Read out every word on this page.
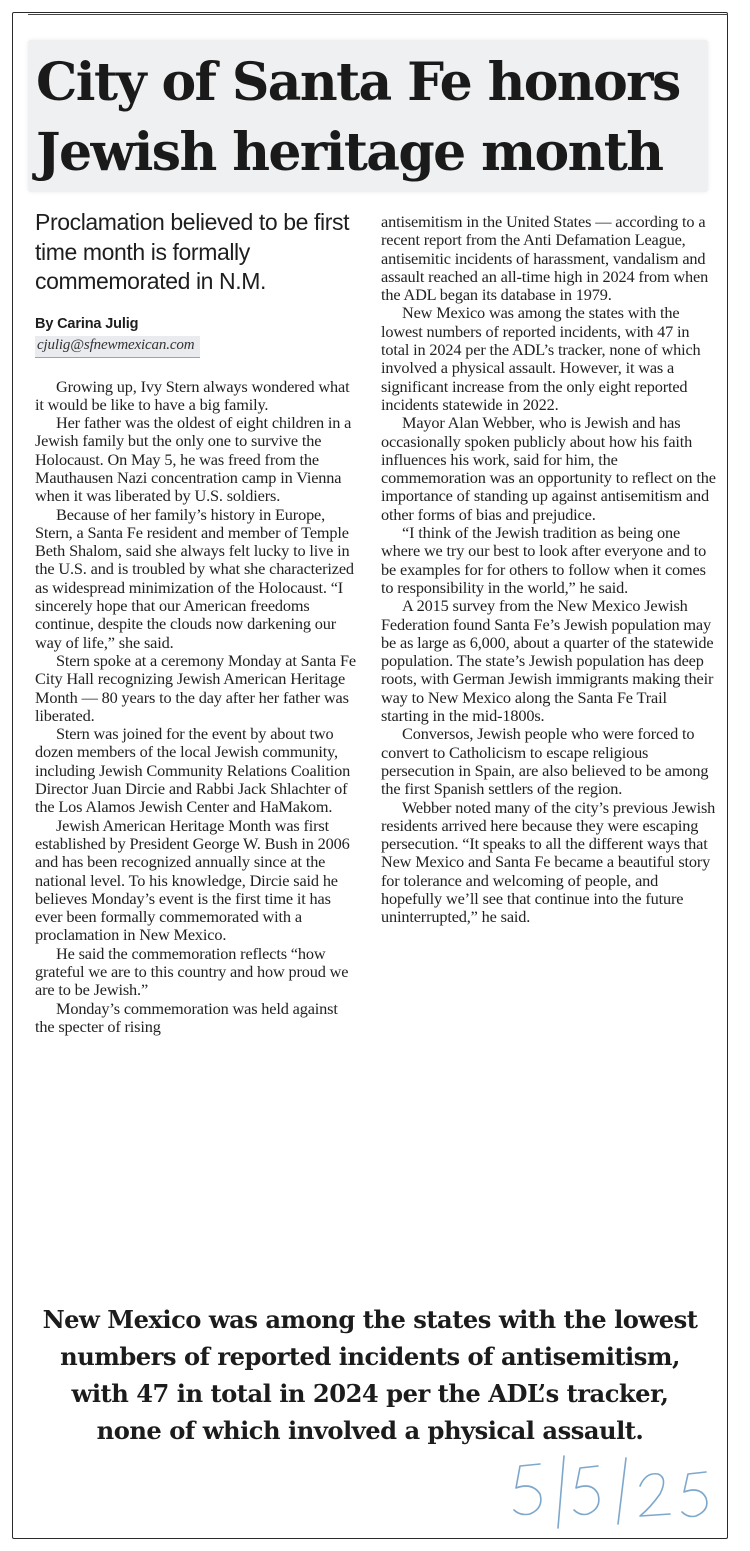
City of Santa Fe honors Jewish heritage month
Proclamation believed to be first time month is formally commemorated in N.M.
By Carina Julig
cjulig@sfnewmexican.com

Growing up, Ivy Stern always wondered what it would be like to have a big family.

Her father was the oldest of eight children in a Jewish family but the only one to survive the Holocaust. On May 5, he was freed from the Mauthausen Nazi concentration camp in Vienna when it was liberated by U.S. soldiers.

Because of her family’s history in Europe, Stern, a Santa Fe resident and member of Temple Beth Shalom, said she always felt lucky to live in the U.S. and is troubled by what she characterized as widespread minimization of the Holocaust. “I sincerely hope that our American freedoms continue, despite the clouds now darkening our way of life,” she said.

Stern spoke at a ceremony Monday at Santa Fe City Hall recognizing Jewish American Heritage Month — 80 years to the day after her father was liberated.

Stern was joined for the event by about two dozen members of the local Jewish community, including Jewish Community Relations Coalition Director Juan Dircie and Rabbi Jack Shlachter of the Los Alamos Jewish Center and HaMakom.

Jewish American Heritage Month was first established by President George W. Bush in 2006 and has been recognized annually since at the national level. To his knowledge, Dircie said he believes Monday’s event is the first time it has ever been formally commemorated with a proclamation in New Mexico.

He said the commemoration reflects “how grateful we are to this country and how proud we are to be Jewish.”

Monday’s commemoration was held against the specter of rising

antisemitism in the United States — according to a recent report from the Anti Defamation League, antisemitic incidents of harassment, vandalism and assault reached an all-time high in 2024 from when the ADL began its database in 1979.

New Mexico was among the states with the lowest numbers of reported incidents, with 47 in total in 2024 per the ADL’s tracker, none of which involved a physical assault. However, it was a significant increase from the only eight reported incidents statewide in 2022.

Mayor Alan Webber, who is Jewish and has occasionally spoken publicly about how his faith influences his work, said for him, the commemoration was an opportunity to reflect on the importance of standing up against antisemitism and other forms of bias and prejudice.

“I think of the Jewish tradition as being one where we try our best to look after everyone and to be examples for for others to follow when it comes to responsibility in the world,” he said.

A 2015 survey from the New Mexico Jewish Federation found Santa Fe’s Jewish population may be as large as 6,000, about a quarter of the statewide population. The state’s Jewish population has deep roots, with German Jewish immigrants making their way to New Mexico along the Santa Fe Trail starting in the mid-1800s.

Conversos, Jewish people who were forced to convert to Catholicism to escape religious persecution in Spain, are also believed to be among the first Spanish settlers of the region.

Webber noted many of the city’s previous Jewish residents arrived here because they were escaping persecution. “It speaks to all the different ways that New Mexico and Santa Fe became a beautiful story for tolerance and welcoming of people, and hopefully we’ll see that continue into the future uninterrupted,” he said.

New Mexico was among the states with the lowest numbers of reported incidents of antisemitism, with 47 in total in 2024 per the ADL’s tracker, none of which involved a physical assault.
